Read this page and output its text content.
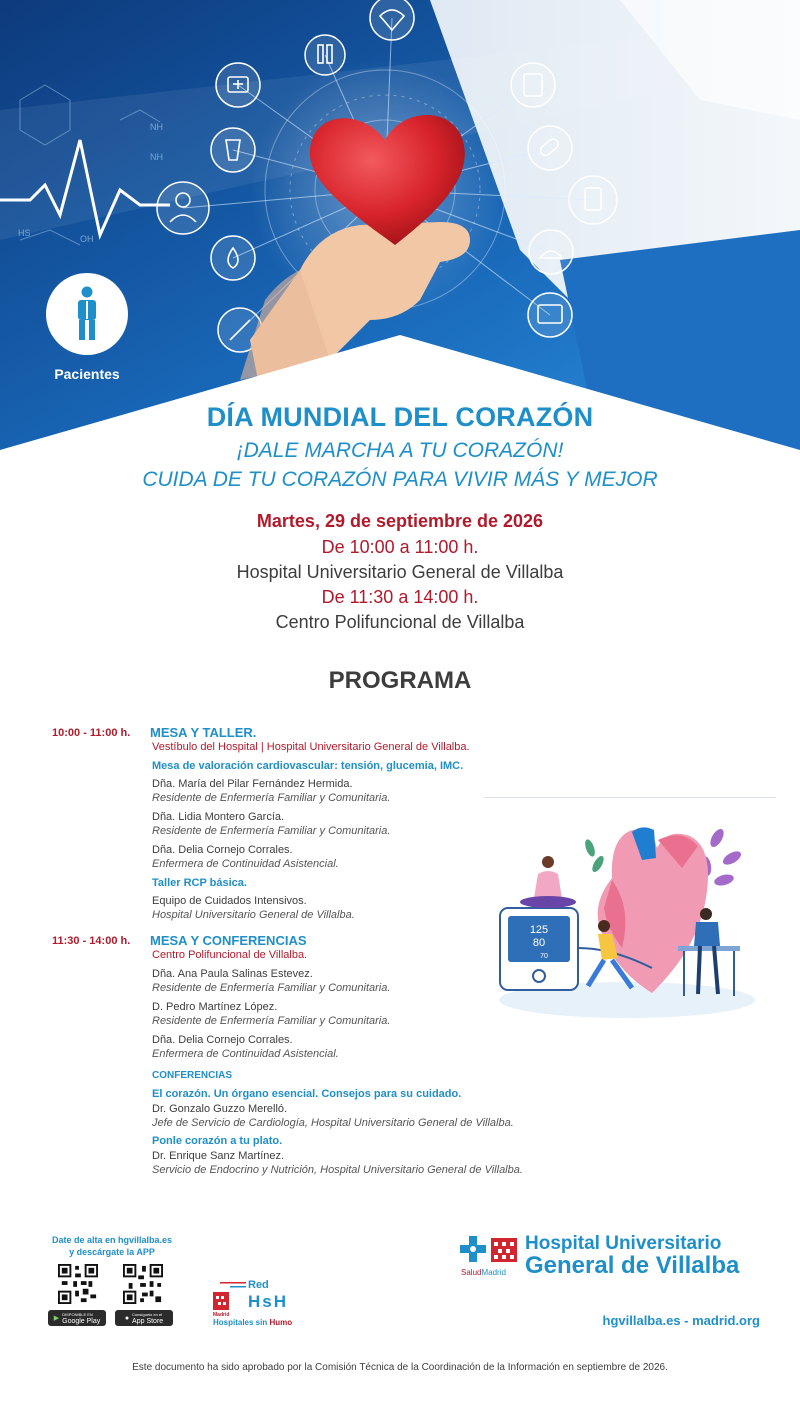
NH
NH
OH
HS
Pacientes
DÍA MUNDIAL DEL CORAZÓN
¡DALE MARCHA A TU CORAZÓN!
CUIDA DE TU CORAZÓN PARA VIVIR MÁS Y MEJOR
Martes, 29 de septiembre de 2026
De 10:00 a 11:00 h.
Hospital Universitario General de Villalba
De 11:30 a 14:00 h.
Centro Polifuncional de Villalba
PROGRAMA
10:00 - 11:00 h. MESA Y TALLER.
Vestíbulo del Hospital | Hospital Universitario General de Villalba.
Mesa de valoración cardiovascular: tensión, glucemia, IMC.
Dña. María del Pilar Fernández Hermida.
Residente de Enfermería Familiar y Comunitaria.
Dña. Lidia Montero García.
Residente de Enfermería Familiar y Comunitaria.
Dña. Delia Cornejo Corrales.
Enfermera de Continuidad Asistencial.
Taller RCP básica.
Equipo de Cuidados Intensivos.
Hospital Universitario General de Villalba.
11:30 - 14:00 h. MESA Y CONFERENCIAS
Centro Polifuncional de Villalba.
Dña. Ana Paula Salinas Estevez.
Residente de Enfermería Familiar y Comunitaria.
D. Pedro Martínez López.
Residente de Enfermería Familiar y Comunitaria.
Dña. Delia Cornejo Corrales.
Enfermera de Continuidad Asistencial.
CONFERENCIAS
El corazón. Un órgano esencial. Consejos para su cuidado.
Dr. Gonzalo Guzzo Merelló.
Jefe de Servicio de Cardiología, Hospital Universitario General de Villalba.
Ponle corazón a tu plato.
Dr. Enrique Sanz Martínez.
Servicio de Endocrino y Nutrición, Hospital Universitario General de Villalba.
125
80
70
Date de alta en hgvillalba.es
y descárgate la APP
▶
DISPONIBLE EN
Google Play	● Consíguelo en el
App Store
Red
HsH
Madrid
Hospitales sin Humo
SaludMadrid
Hospital Universitario
General de Villalba
hgvillalba.es - madrid.org
Este documento ha sido aprobado por la Comisión Técnica de la Coordinación de la Información en septiembre de 2026.
